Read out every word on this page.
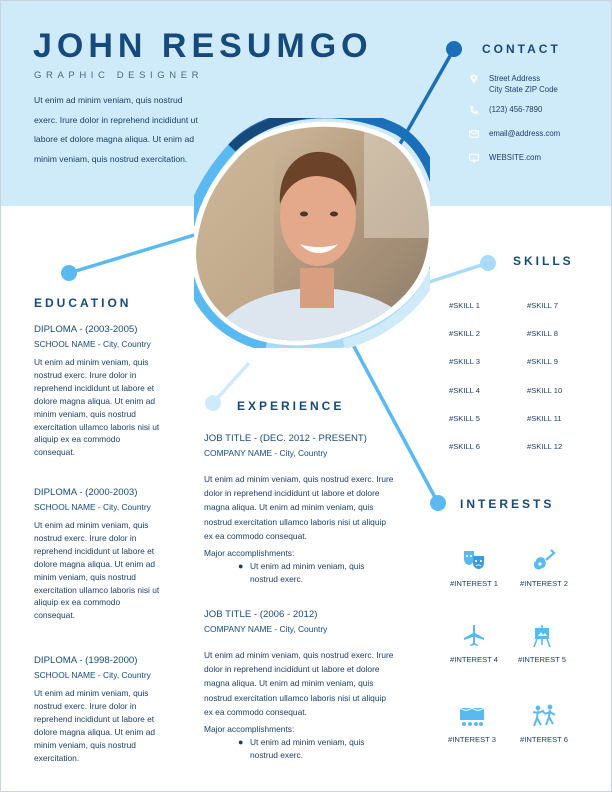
JOHN RESUMGO
GRAPHIC DESIGNER
Ut enim ad minim veniam, quis nostrud exerc. Irure dolor in reprehend incididunt ut labore et dolore magna aliqua. Ut enim ad minim veniam, quis nostrud exercitation.
CONTACT
Street Address
City State ZIP Code
(123) 456-7890
email@address.com
WEBSITE.com
EDUCATION
DIPLOMA - (2003-2005)
SCHOOL NAME - City, Country
Ut enim ad minim veniam, quis nostrud exerc. Irure dolor in reprehend incididunt ut labore et dolore magna aliqua. Ut enim ad minim veniam, quis nostrud exercitation ullamco laboris nisi ut aliquip ex ea commodo consequat.
DIPLOMA - (2000-2003)
SCHOOL NAME - City, Country
Ut enim ad minim veniam, quis nostrud exerc. Irure dolor in reprehend incididunt ut labore et dolore magna aliqua. Ut enim ad minim veniam, quis nostrud exercitation ullamco laboris nisi ut aliquip ex ea commodo consequat.
DIPLOMA - (1998-2000)
SCHOOL NAME - City, Country
Ut enim ad minim veniam, quis nostrud exerc. Irure dolor in reprehend incididunt ut labore et dolore magna aliqua. Ut enim ad minim veniam, quis nostrud exercitation.
EXPERIENCE
JOB TITLE - (DEC. 2012 - PRESENT)
COMPANY NAME - City, Country
Ut enim ad minim veniam, quis nostrud exerc. Irure dolor in reprehend incididunt ut labore et dolore magna aliqua. Ut enim ad minim veniam, quis nostrud exercitation ullamco laboris nisi ut aliquip ex ea commodo consequat.
Major accomplishments:
● Ut enim ad minim veniam, quis nostrud exerc.
JOB TITLE - (2006 - 2012)
COMPANY NAME - City, Country
Ut enim ad minim veniam, quis nostrud exerc. Irure dolor in reprehend incididunt ut labore et dolore magna aliqua. Ut enim ad minim veniam, quis nostrud exercitation ullamco laboris nisi ut aliquip ex ea commodo consequat.
Major accomplishments:
● Ut enim ad minim veniam, quis nostrud exerc.
SKILLS
#SKILL 1	#SKILL 7
#SKILL 2	#SKILL 8
#SKILL 3	#SKILL 9
#SKILL 4	#SKILL 10
#SKILL 5	#SKILL 11
#SKILL 6	#SKILL 12
INTERESTS
#INTEREST 1	#INTEREST 2
#INTEREST 4	#INTEREST 5
#INTEREST 3	#INTEREST 6
